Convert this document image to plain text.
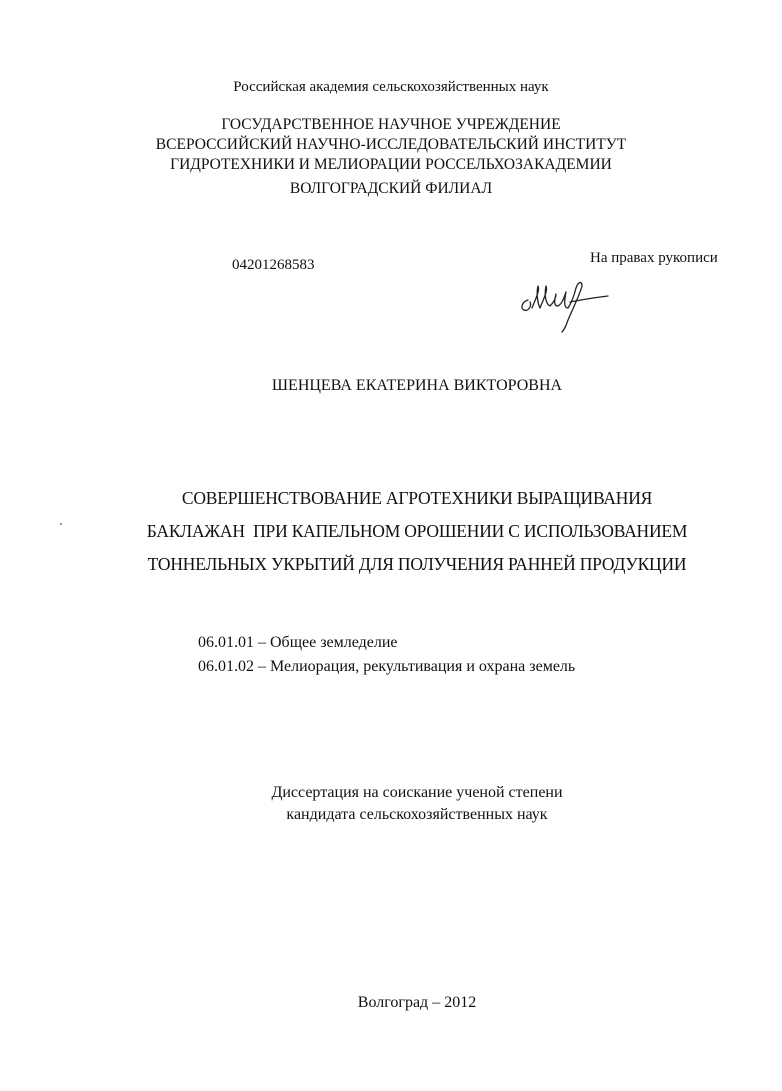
Российская академия сельскохозяйственных наук
ГОСУДАРСТВЕННОЕ НАУЧНОЕ УЧРЕЖДЕНИЕ
ВСЕРОССИЙСКИЙ НАУЧНО-ИССЛЕДОВАТЕЛЬСКИЙ ИНСТИТУТ
ГИДРОТЕХНИКИ И МЕЛИОРАЦИИ РОССЕЛЬХОЗАКАДЕМИИ
ВОЛГОГРАДСКИЙ ФИЛИАЛ
04201268583	На правах рукописи
ШЕНЦЕВА ЕКАТЕРИНА ВИКТОРОВНА
СОВЕРШЕНСТВОВАНИЕ АГРОТЕХНИКИ ВЫРАЩИВАНИЯ
БАКЛАЖАН  ПРИ КАПЕЛЬНОМ ОРОШЕНИИ С ИСПОЛЬЗОВАНИЕМ
ТОННЕЛЬНЫХ УКРЫТИЙ ДЛЯ ПОЛУЧЕНИЯ РАННЕЙ ПРОДУКЦИИ
06.01.01 – Общее земледелие
06.01.02 – Мелиорация, рекультивация и охрана земель
Диссертация на соискание ученой степени
кандидата сельскохозяйственных наук
Волгоград – 2012
